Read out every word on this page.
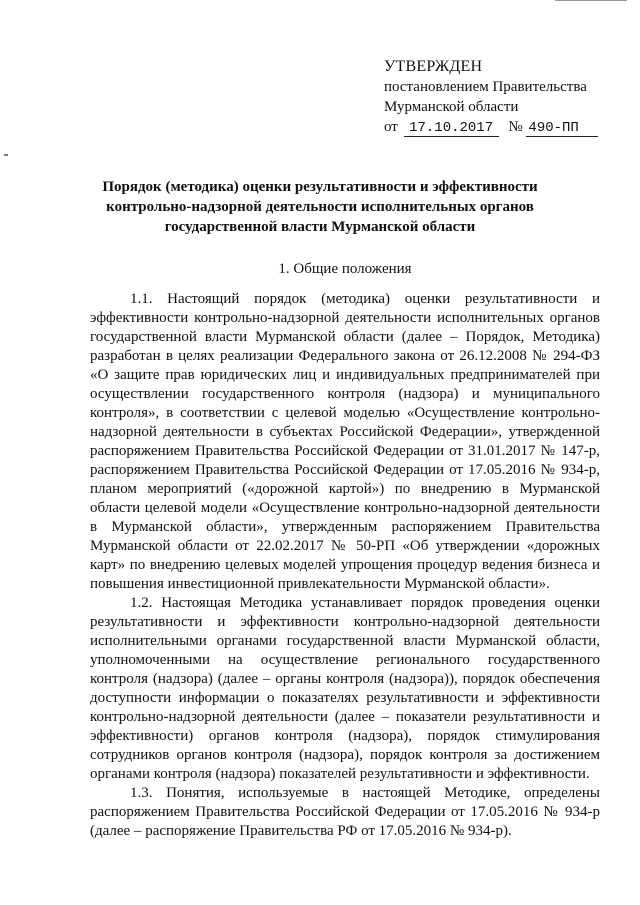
УТВЕРЖДЕН
постановлением Правительства
Мурманской области
от 17.10.2017 № 490-ПП
Порядок (методика) оценки результативности и эффективности
контрольно-надзорной деятельности исполнительных органов
государственной власти Мурманской области
1. Общие положения

1.1. Настоящий порядок (методика) оценки результативности и эффективности контрольно-надзорной деятельности исполнительных органов государственной власти Мурманской области (далее – Порядок, Методика) разработан в целях реализации Федерального закона от 26.12.2008 № 294-ФЗ «О защите прав юридических лиц и индивидуальных предпринимателей при осуществлении государственного контроля (надзора) и муниципального контроля», в соответствии с целевой моделью «Осуществление контрольно-надзорной деятельности в субъектах Российской Федерации», утвержденной распоряжением Правительства Российской Федерации от 31.01.2017 № 147-р, распоряжением Правительства Российской Федерации от 17.05.2016 № 934-р, планом мероприятий («дорожной картой») по внедрению в Мурманской области целевой модели «Осуществление контрольно-надзорной деятельности в Мурманской области», утвержденным распоряжением Правительства Мурманской области от 22.02.2017 № 50-РП «Об утверждении «дорожных карт» по внедрению целевых моделей упрощения процедур ведения бизнеса и повышения инвестиционной привлекательности Мурманской области».

1.2. Настоящая Методика устанавливает порядок проведения оценки результативности и эффективности контрольно-надзорной деятельности исполнительными органами государственной власти Мурманской области, уполномоченными на осуществление регионального государственного контроля (надзора) (далее – органы контроля (надзора)), порядок обеспечения доступности информации о показателях результативности и эффективности контрольно-надзорной деятельности (далее – показатели результативности и эффективности) органов контроля (надзора), порядок стимулирования сотрудников органов контроля (надзора), порядок контроля за достижением органами контроля (надзора) показателей результативности и эффективности.

1.3. Понятия, используемые в настоящей Методике, определены распоряжением Правительства Российской Федерации от 17.05.2016 № 934-р (далее – распоряжение Правительства РФ от 17.05.2016 № 934-р).
